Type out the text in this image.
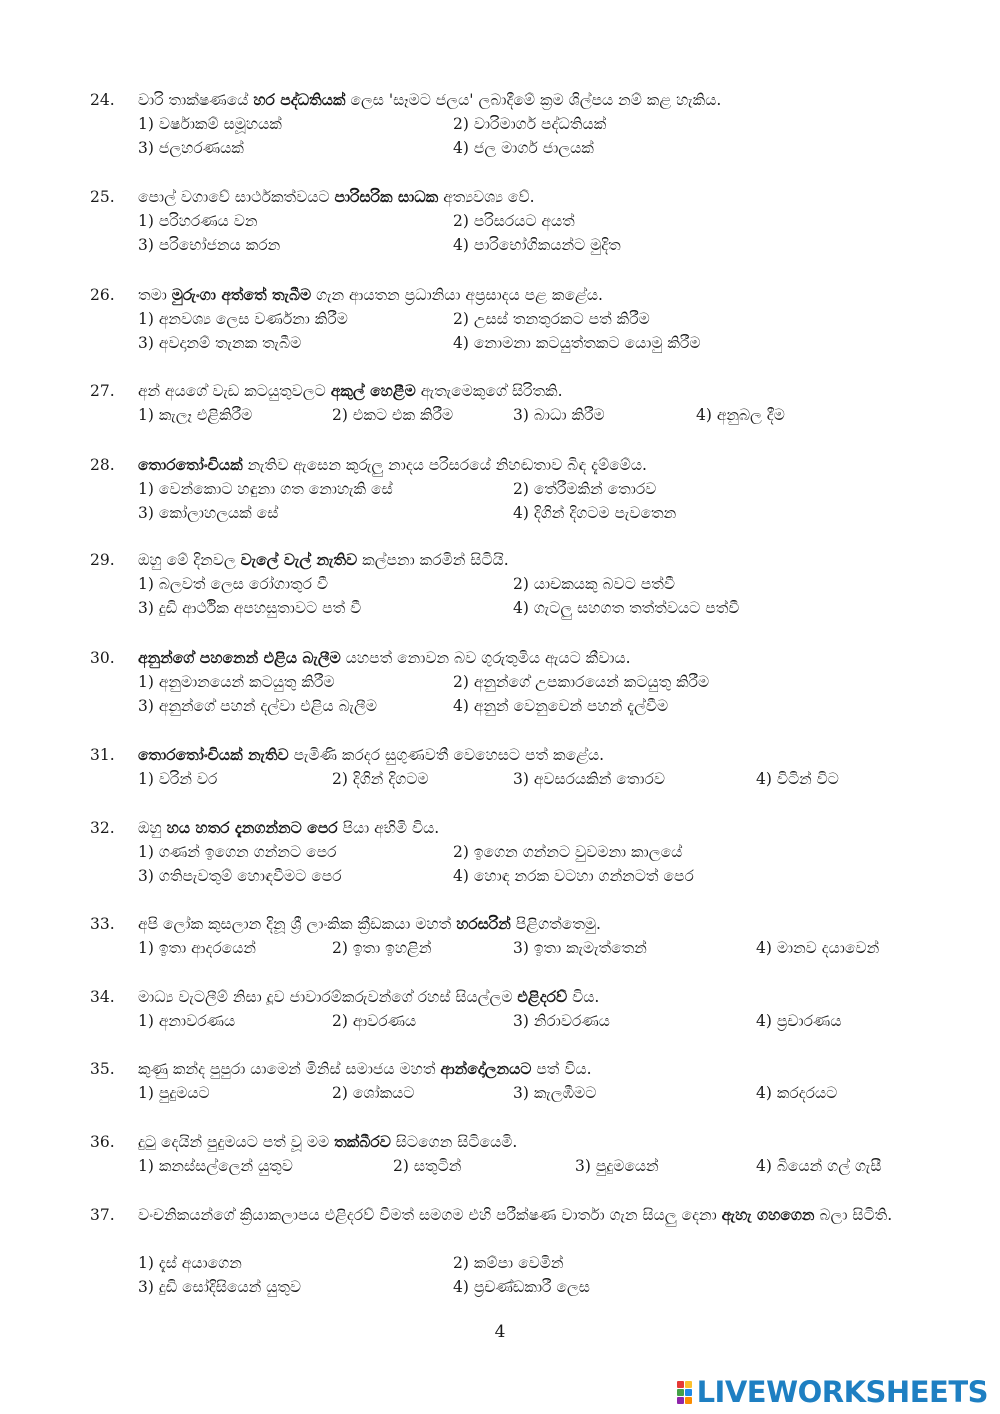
24. වාරි තාක්ෂණයේ හර පද්ධතියක් ලෙස 'සෑමට ජලය' ලබාදීමේ ක්‍රම ශිල්පය නම් කළ හැකිය.
1) වර්ෂාකම් සමූහයක්	2) වාරිමාර්ග පද්ධතියක්
3) ජලහරණයක්	4) ජල මාර්ග ජාලයක්
25. පොල් වගාවේ සාර්ථකත්වයට පාරිසරික සාධක අත්‍යවශ්‍ය වේ.
1) පරිහරණය වන	2) පරිසරයට අයත්
3) පරිභෝජනය කරන	4) පාරිභෝගිකයන්ට මුදිත
26. තමා මුරුංගා අත්තේ තැබීම ගැන ආයතන ප්‍රධානියා අප්‍රසාදය පළ කළේය.
1) අනවශ්‍ය ලෙස වර්ණනා කිරීම	2) උසස් තනතුරකට පත් කිරීම
3) අවදානම් තැනක තැබීම	4) නොමනා කටයුත්තකට යොමු කිරීම
27. අන් අයගේ වැඩ කටයුතුවලට අකුල් හෙළීම ඇතැමෙකුගේ සිරිතකි.
1) කැලෑ එළිකිරීම	2) එකට එක කිරීම	3) බාධා කිරීම	4) අනුබල දීම
28. තොරතෝංචියක් නැතිව ඇසෙන කුරුලු නාදය පරිසරයේ නිහඬතාව බිඳ දැම්මේය.
1) වෙන්කොට හඳුනා ගත නොහැකි සේ	2) තේරීමකින් තොරව
3) කෝලාහලයක් සේ	4) දිගින් දිගටම පැවතෙන
29. ඔහු මේ දිනවල වැලේ වැල් නැතිව කල්පනා කරමින් සිටියි.
1) බලවත් ලෙස රෝගාතුර වී	2) යාචකයකු බවට පත්වී
3) දුඩි ආර්ථික අපහසුතාවට පත් වී	4) ගැටලු සහගත තත්ත්වයට පත්වී
30. අනුන්ගේ පහනෙන් එළිය බැලීම යහපත් නොවන බව ගුරුතුමිය ඇයට කීවාය.
1) අනුමානයෙන් කටයුතු කිරීම	2) අනුන්ගේ උපකාරයෙන් කටයුතු කිරීම
3) අනුන්ගේ පහන් දල්වා එළිය බැලීම	4) අනුන් වෙනුවෙන් පහන් දැල්වීම
31. තොරතෝංචියක් නැතිව පැමිණි කරදර සුගුණවතී වෙහෙසට පත් කළේය.
1) වරින් වර	2) දිගින් දිගටම	3) අවසරයකින් තොරව	4) විටින් විට
32. ඔහු හය හතර දැනගන්නට පෙර පියා අභිමි විය.
1) ගණන් ඉගෙන ගන්නට පෙර	2) ඉගෙන ගන්නට වුවමනා කාලයේ
3) ගතිපැවතුම් හොඳවීමට පෙර	4) හොඳ නරක වටහා ගන්නටත් පෙර
33. අපි ලෝක කුසලාන දිනූ ශ්‍රී ලාංකික ක්‍රීඩකයා මහත් හරසරින් පිළිගත්තෙමු.
1) ඉතා ආදරයෙන්	2) ඉතා ඉහළින්	3) ඉතා කැමැත්තෙන්	4) මානව දයාවෙන්
34. මාධ්‍ය වැටලීම් නිසා දූව ජාවාරම්කරුවන්ගේ රහස් සියල්ලම එළිදරව් විය.
1) අනාවරණය	2) ආවරණය	3) නිරාවරණය	4) ප්‍රචාරණය
35. කුණු කන්ද පුපුරා යාමෙන් මිනිස් සමාජය මහත් ආන්දෝලනයට පත් විය.
1) පුදුමයට	2) ශෝකයට	3) කැලඹීමට	4) කරදරයට
36. දුටු දෙයින් පුදුමයට පත් වූ මම තක්බීරව සිටගෙන සිටියෙමි.
1) කනස්සල්ලෙන් යුතුව	2) සතුටින්	3) පුදුමයෙන්	4) බියෙන් ගල් ගැසී
37. වංචනිකයන්ගේ ක්‍රියාකලාපය එළිදරව් වීමත් සමගම එහි පරීක්ෂණ වාර්තා ගැන සියලු දෙනා ඇහැ ගහගෙන බලා සිටිති.
1) දැස් අයාගෙන	2) කම්පා වෙමින්
3) දුඩි සෝදිසියෙන් යුතුව	4) ප්‍රචණ්ඩකාරී ලෙස
4
LIVEWORKSHEETS
